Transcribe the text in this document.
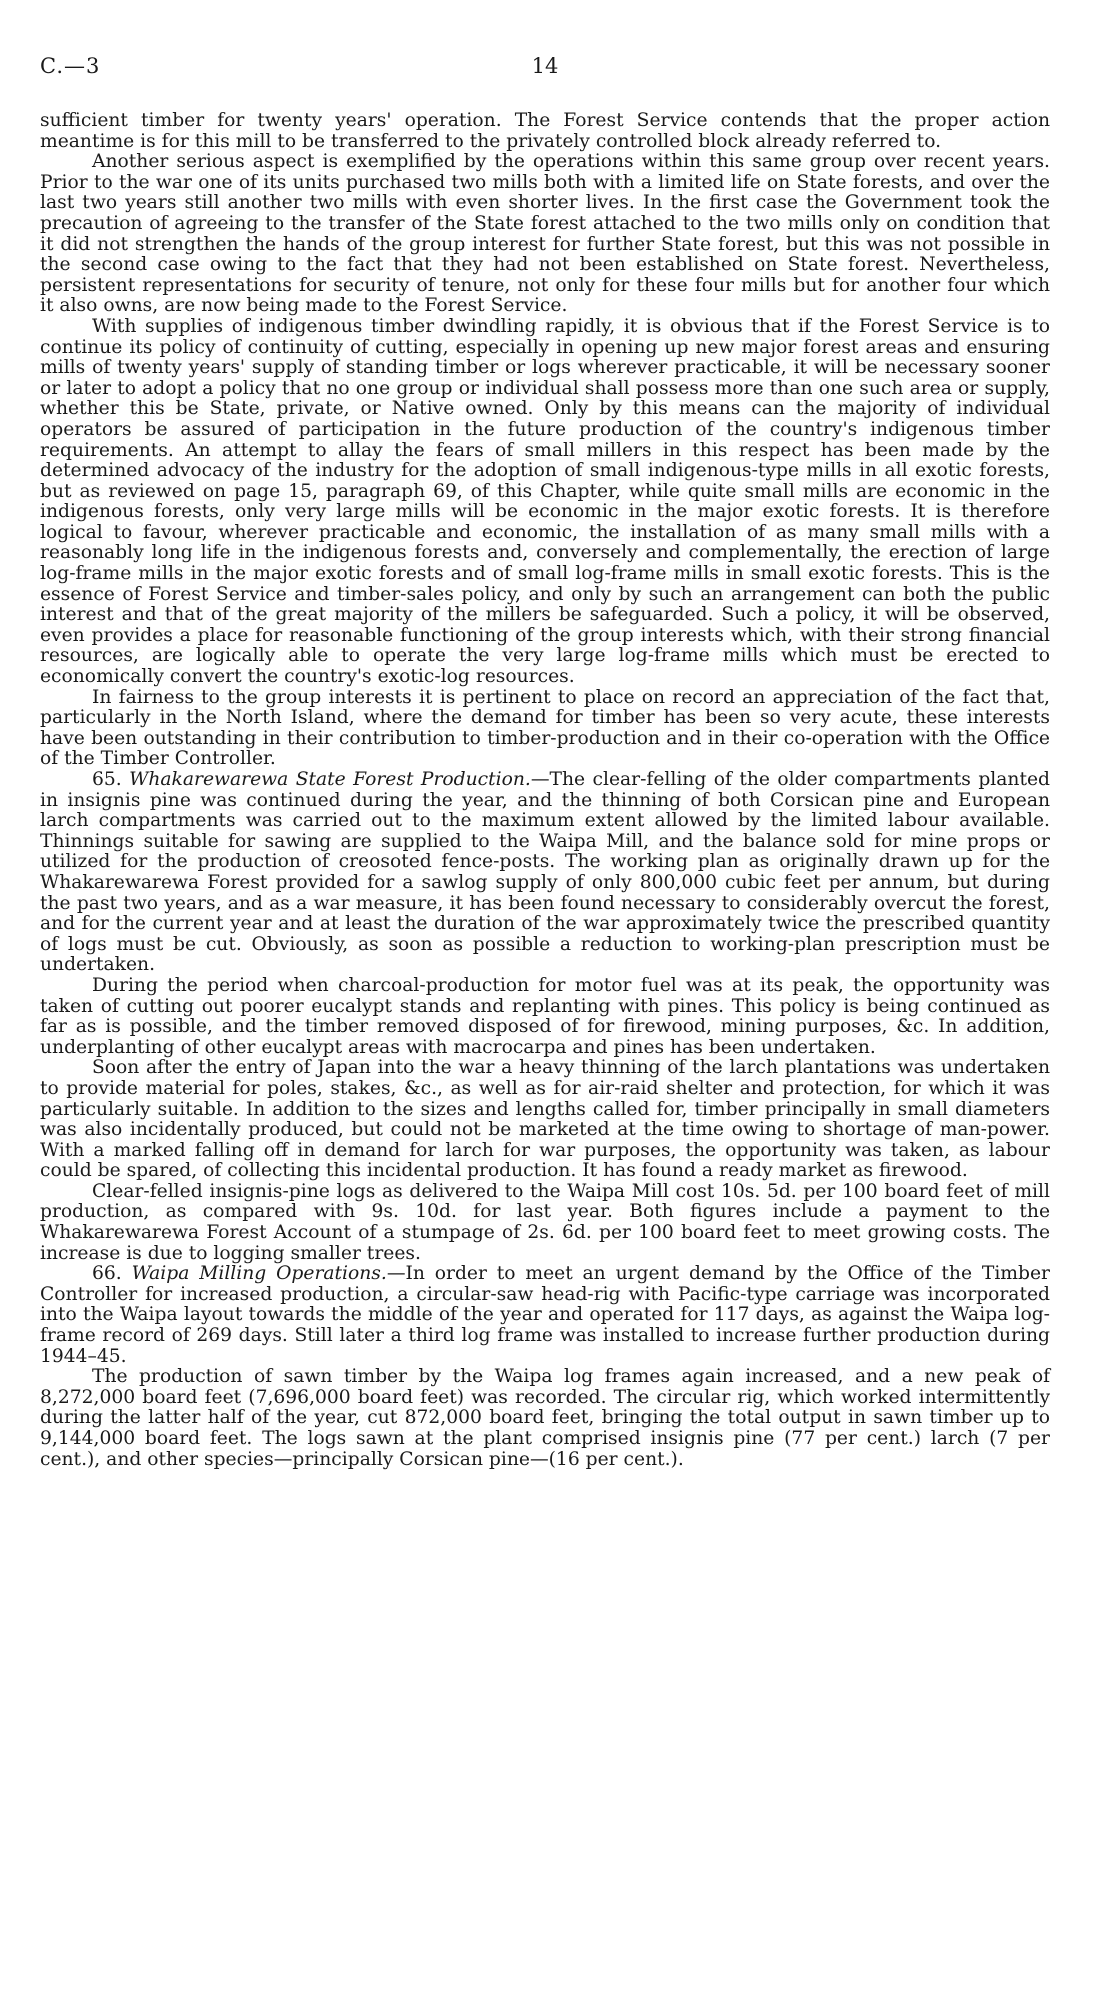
C.—3	14

sufficient timber for twenty years' operation. The Forest Service contends that the proper action meantime is for this mill to be transferred to the privately controlled block already referred to.

Another serious aspect is exemplified by the operations within this same group over recent years. Prior to the war one of its units purchased two mills both with a limited life on State forests, and over the last two years still another two mills with even shorter lives. In the first case the Government took the precaution of agreeing to the transfer of the State forest attached to the two mills only on condition that it did not strengthen the hands of the group interest for further State forest, but this was not possible in the second case owing to the fact that they had not been established on State forest. Nevertheless, persistent representations for security of tenure, not only for these four mills but for another four which it also owns, are now being made to the Forest Service.

With supplies of indigenous timber dwindling rapidly, it is obvious that if the Forest Service is to continue its policy of continuity of cutting, especially in opening up new major forest areas and ensuring mills of twenty years' supply of standing timber or logs wherever practicable, it will be necessary sooner or later to adopt a policy that no one group or individual shall possess more than one such area or supply, whether this be State, private, or Native owned. Only by this means can the majority of individual operators be assured of participation in the future production of the country's indigenous timber requirements. An attempt to allay the fears of small millers in this respect has been made by the determined advocacy of the industry for the adoption of small indigenous-type mills in all exotic forests, but as reviewed on page 15, paragraph 69, of this Chapter, while quite small mills are economic in the indigenous forests, only very large mills will be economic in the major exotic forests. It is therefore logical to favour, wherever practicable and economic, the installation of as many small mills with a reasonably long life in the indigenous forests and, conversely and complementally, the erection of large log-frame mills in the major exotic forests and of small log-frame mills in small exotic forests. This is the essence of Forest Service and timber-sales policy, and only by such an arrangement can both the public interest and that of the great majority of the millers be safeguarded. Such a policy, it will be observed, even provides a place for reasonable functioning of the group interests which, with their strong financial resources, are logically able to operate the very large log-frame mills which must be erected to economically convert the country's exotic-log resources.

In fairness to the group interests it is pertinent to place on record an appreciation of the fact that, particularly in the North Island, where the demand for timber has been so very acute, these interests have been outstanding in their contribution to timber-production and in their co-operation with the Office of the Timber Controller.

65. Whakarewarewa State Forest Production.—The clear-felling of the older compartments planted in insignis pine was continued during the year, and the thinning of both Corsican pine and European larch compartments was carried out to the maximum extent allowed by the limited labour available. Thinnings suitable for sawing are supplied to the Waipa Mill, and the balance sold for mine props or utilized for the production of creosoted fence-posts. The working plan as originally drawn up for the Whakarewarewa Forest provided for a sawlog supply of only 800,000 cubic feet per annum, but during the past two years, and as a war measure, it has been found necessary to considerably overcut the forest, and for the current year and at least the duration of the war approximately twice the prescribed quantity of logs must be cut. Obviously, as soon as possible a reduction to working-plan prescription must be undertaken.

During the period when charcoal-production for motor fuel was at its peak, the opportunity was taken of cutting out poorer eucalypt stands and replanting with pines. This policy is being continued as far as is possible, and the timber removed disposed of for firewood, mining purposes, &c. In addition, underplanting of other eucalypt areas with macrocarpa and pines has been undertaken.

Soon after the entry of Japan into the war a heavy thinning of the larch plantations was undertaken to provide material for poles, stakes, &c., as well as for air-raid shelter and protection, for which it was particularly suitable. In addition to the sizes and lengths called for, timber principally in small diameters was also incidentally produced, but could not be marketed at the time owing to shortage of man-power. With a marked falling off in demand for larch for war purposes, the opportunity was taken, as labour could be spared, of collecting this incidental production. It has found a ready market as firewood.

Clear-felled insignis-pine logs as delivered to the Waipa Mill cost 10s. 5d. per 100 board feet of mill production, as compared with 9s. 10d. for last year. Both figures include a payment to the Whakarewarewa Forest Account of a stumpage of 2s. 6d. per 100 board feet to meet growing costs. The increase is due to logging smaller trees.

66. Waipa Milling Operations.—In order to meet an urgent demand by the Office of the Timber Controller for increased production, a circular-saw head-rig with Pacific-type carriage was incorporated into the Waipa layout towards the middle of the year and operated for 117 days, as against the Waipa log-frame record of 269 days. Still later a third log frame was installed to increase further production during 1944–45.

The production of sawn timber by the Waipa log frames again increased, and a new peak of 8,272,000 board feet (7,696,000 board feet) was recorded. The circular rig, which worked intermittently during the latter half of the year, cut 872,000 board feet, bringing the total output in sawn timber up to 9,144,000 board feet. The logs sawn at the plant comprised insignis pine (77 per cent.) larch (7 per cent.), and other species—principally Corsican pine—(16 per cent.).
